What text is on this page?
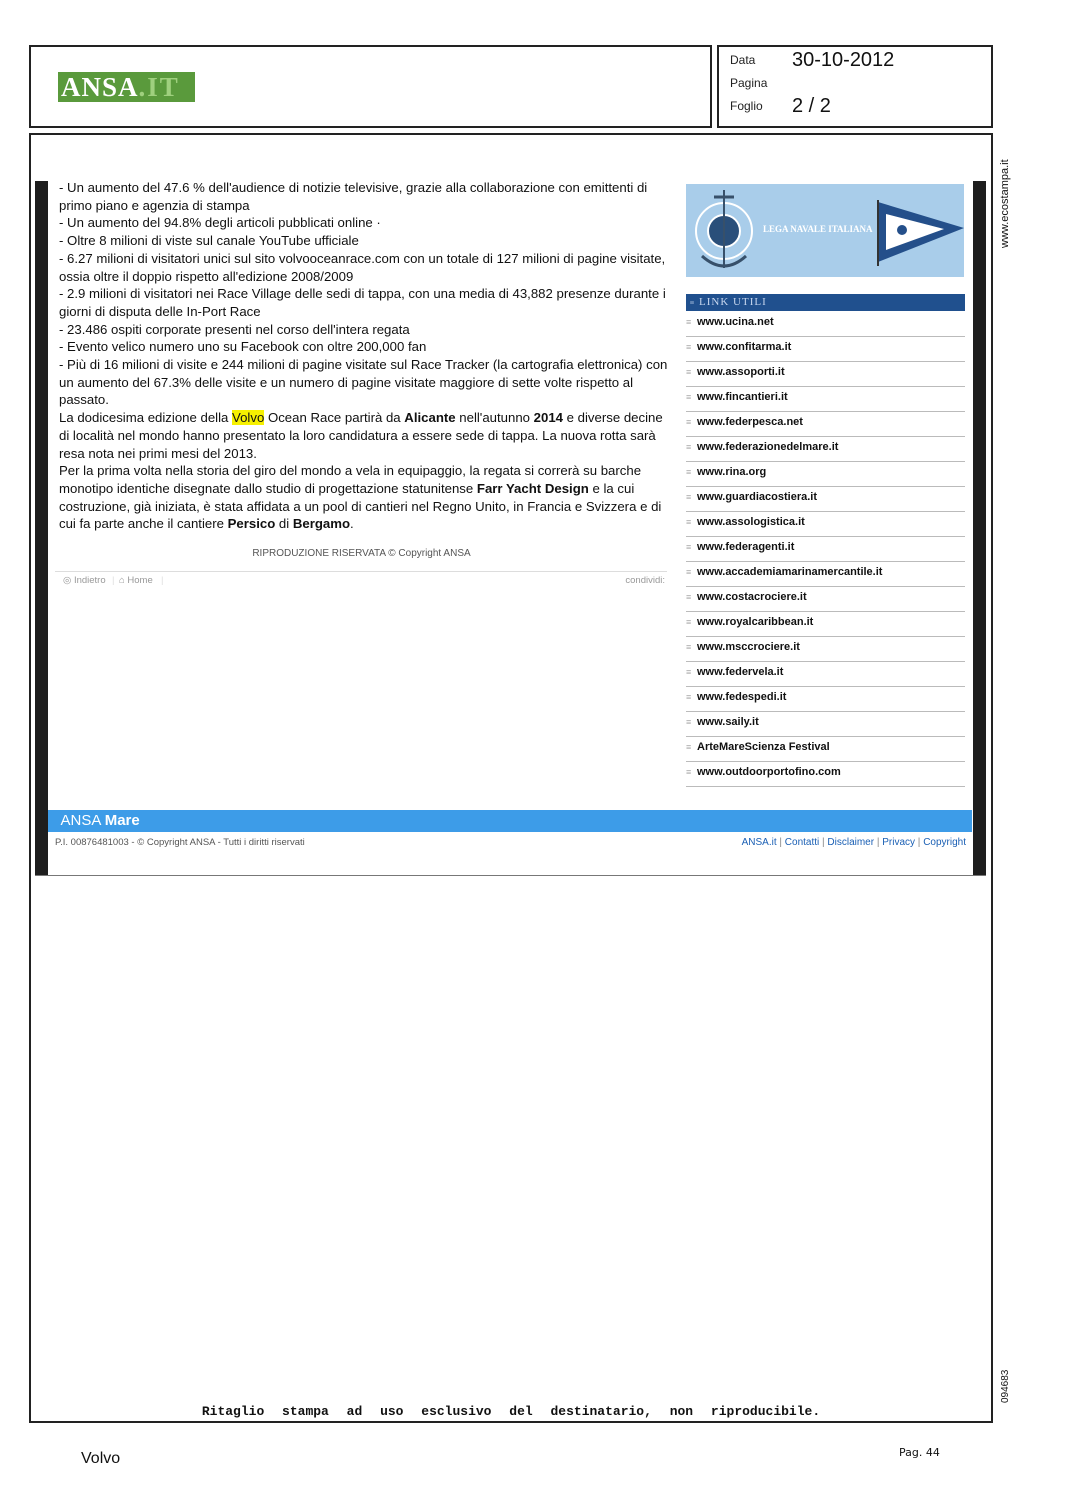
ANSA.IT
Data 30-10-2012
Pagina
Foglio 2 / 2

- Un aumento del 47.6 % dell'audience di notizie televisive, grazie alla collaborazione con emittenti di primo piano e agenzia di stampa

- Un aumento del 94.8% degli articoli pubblicati online ·

- Oltre 8 milioni di viste sul canale YouTube ufficiale

- 6.27 milioni di visitatori unici sul sito volvooceanrace.com con un totale di 127 milioni di pagine visitate, ossia oltre il doppio rispetto all'edizione 2008/2009

- 2.9 milioni di visitatori nei Race Village delle sedi di tappa, con una media di 43,882 presenze durante i giorni di disputa delle In-Port Race

- 23.486 ospiti corporate presenti nel corso dell'intera regata

- Evento velico numero uno su Facebook con oltre 200,000 fan

- Più di 16 milioni di visite e 244 milioni di pagine visitate sul Race Tracker (la cartografia elettronica) con un aumento del 67.3% delle visite e un numero di pagine visitate maggiore di sette volte rispetto al passato.

La dodicesima edizione della Volvo Ocean Race partirà da Alicante nell'autunno 2014 e diverse decine di località nel mondo hanno presentato la loro candidatura a essere sede di tappa. La nuova rotta sarà resa nota nei primi mesi del 2013.

Per la prima volta nella storia del giro del mondo a vela in equipaggio, la regata si correrà su barche monotipo identiche disegnate dallo studio di progettazione statunitense Farr Yacht Design e la cui costruzione, già iniziata, è stata affidata a un pool di cantieri nel Regno Unito, in Francia e Svizzera e di cui fa parte anche il cantiere Persico di Bergamo.

RIPRODUZIONE RISERVATA © Copyright ANSA
◎ Indietro | ⌂ Home |	condividi:
LEGA NAVALE ITALIANA
≡ LINK UTILI
≡ www.ucina.net
≡ www.confitarma.it
≡ www.assoporti.it
≡ www.fincantieri.it
≡ www.federpesca.net
≡ www.federazionedelmare.it
≡ www.rina.org
≡ www.guardiacostiera.it
≡ www.assologistica.it
≡ www.federagenti.it
≡ www.accademiamarinamercantile.it
≡ www.costacrociere.it
≡ www.royalcaribbean.it
≡ www.msccrociere.it
≡ www.federvela.it
≡ www.fedespedi.it
≡ www.saily.it
≡ ArteMareScienza Festival
≡ www.outdoorportofino.com
ANSA Mare
P.I. 00876481003 - © Copyright ANSA - Tutti i diritti riservati	ANSA.it | Contatti | Disclaimer | Privacy | Copyright
Ritaglio stampa ad uso esclusivo del destinatario, non riproducibile.
www.ecostampa.it
094683
Volvo	Pag. 44
